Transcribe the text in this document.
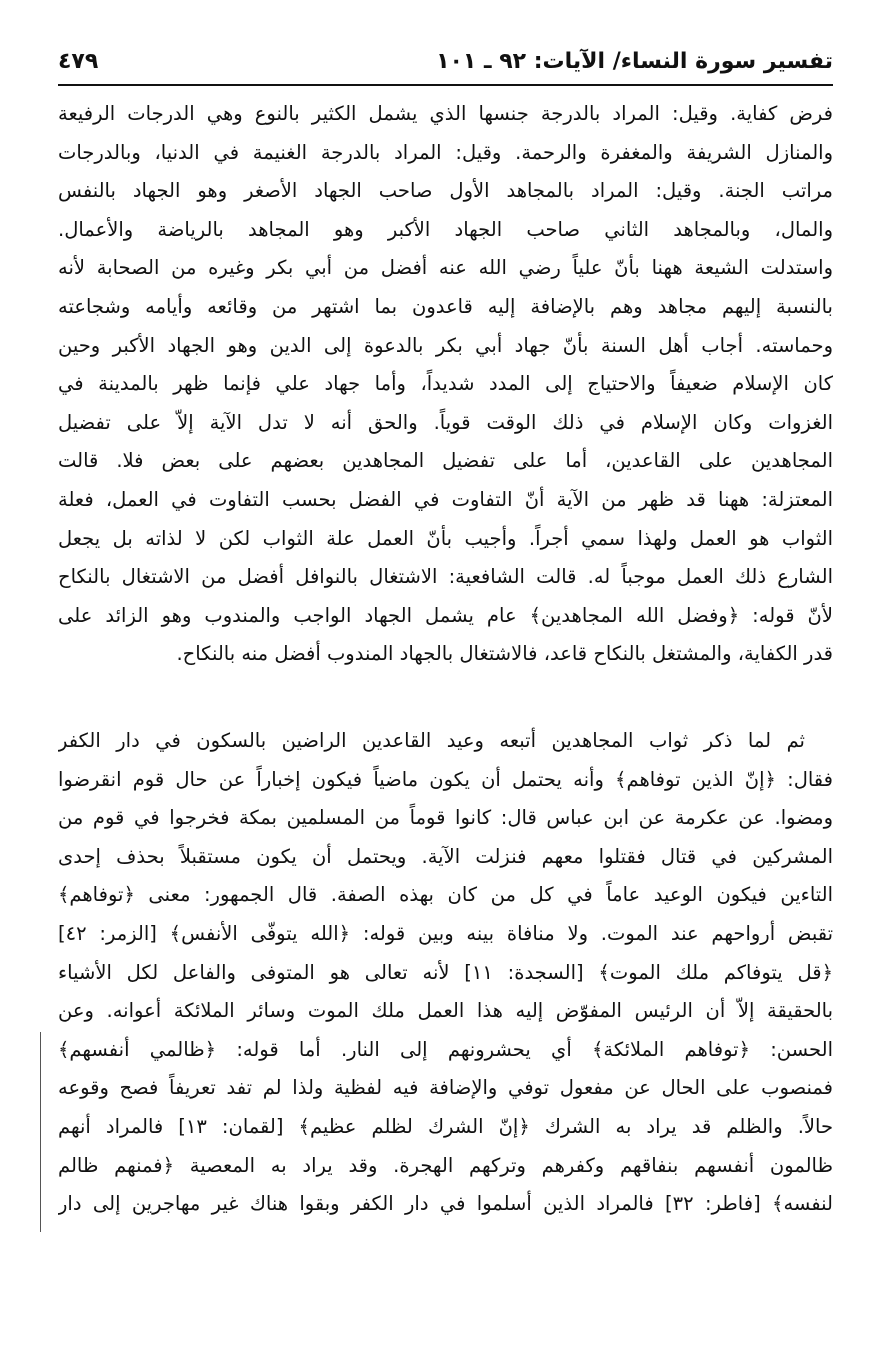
تفسير سورة النساء/ الآيات: ٩٢ ـ ١٠١
٤٧٩
فرض كفاية. وقيل: المراد بالدرجة جنسها الذي يشمل الكثير بالنوع وهي الدرجات الرفيعة
والمنازل الشريفة والمغفرة والرحمة. وقيل: المراد بالدرجة الغنيمة في الدنيا، وبالدرجات
مراتب الجنة. وقيل: المراد بالمجاهد الأول صاحب الجهاد الأصغر وهو الجهاد بالنفس
والمال، وبالمجاهد الثاني صاحب الجهاد الأكبر وهو المجاهد بالرياضة والأعمال.
واستدلت الشيعة ههنا بأنّ علياً رضي الله عنه أفضل من أبي بكر وغيره من الصحابة لأنه
بالنسبة إليهم مجاهد وهم بالإضافة إليه قاعدون بما اشتهر من وقائعه وأيامه وشجاعته
وحماسته. أجاب أهل السنة بأنّ جهاد أبي بكر بالدعوة إلى الدين وهو الجهاد الأكبر وحين
كان الإسلام ضعيفاً والاحتياج إلى المدد شديداً، وأما جهاد علي فإنما ظهر بالمدينة في
الغزوات وكان الإسلام في ذلك الوقت قوياً. والحق أنه لا تدل الآية إلاّ على تفضيل
المجاهدين على القاعدين، أما على تفضيل المجاهدين بعضهم على بعض فلا. قالت
المعتزلة: ههنا قد ظهر من الآية أنّ التفاوت في الفضل بحسب التفاوت في العمل، فعلة
الثواب هو العمل ولهذا سمي أجراً. وأجيب بأنّ العمل علة الثواب لكن لا لذاته بل يجعل
الشارع ذلك العمل موجباً له. قالت الشافعية: الاشتغال بالنوافل أفضل من الاشتغال بالنكاح
لأنّ قوله: ﴿وفضل الله المجاهدين﴾ عام يشمل الجهاد الواجب والمندوب وهو الزائد على
قدر الكفاية، والمشتغل بالنكاح قاعد، فالاشتغال بالجهاد المندوب أفضل منه بالنكاح.
ثم لما ذكر ثواب المجاهدين أتبعه وعيد القاعدين الراضين بالسكون في دار الكفر
فقال: ﴿إنّ الذين توفاهم﴾ وأنه يحتمل أن يكون ماضياً فيكون إخباراً عن حال قوم انقرضوا
ومضوا. عن عكرمة عن ابن عباس قال: كانوا قوماً من المسلمين بمكة فخرجوا في قوم من
المشركين في قتال فقتلوا معهم فنزلت الآية. ويحتمل أن يكون مستقبلاً بحذف إحدى
التاءين فيكون الوعيد عاماً في كل من كان بهذه الصفة. قال الجمهور: معنى ﴿توفاهم﴾
تقبض أرواحهم عند الموت. ولا منافاة بينه وبين قوله: ﴿الله يتوفّى الأنفس﴾ [الزمر: ٤٢]
﴿قل يتوفاكم ملك الموت﴾ [السجدة: ١١] لأنه تعالى هو المتوفى والفاعل لكل الأشياء
بالحقيقة إلاّ أن الرئيس المفوّض إليه هذا العمل ملك الموت وسائر الملائكة أعوانه. وعن
الحسن: ﴿توفاهم الملائكة﴾ أي يحشرونهم إلى النار. أما قوله: ﴿ظالمي أنفسهم﴾
فمنصوب على الحال عن مفعول توفي والإضافة فيه لفظية ولذا لم تفد تعريفاً فصح وقوعه
حالاً. والظلم قد يراد به الشرك ﴿إنّ الشرك لظلم عظيم﴾ [لقمان: ١٣] فالمراد أنهم
ظالمون أنفسهم بنفاقهم وكفرهم وتركهم الهجرة. وقد يراد به المعصية ﴿فمنهم ظالم
لنفسه﴾ [فاطر: ٣٢] فالمراد الذين أسلموا في دار الكفر وبقوا هناك غير مهاجرين إلى دار
